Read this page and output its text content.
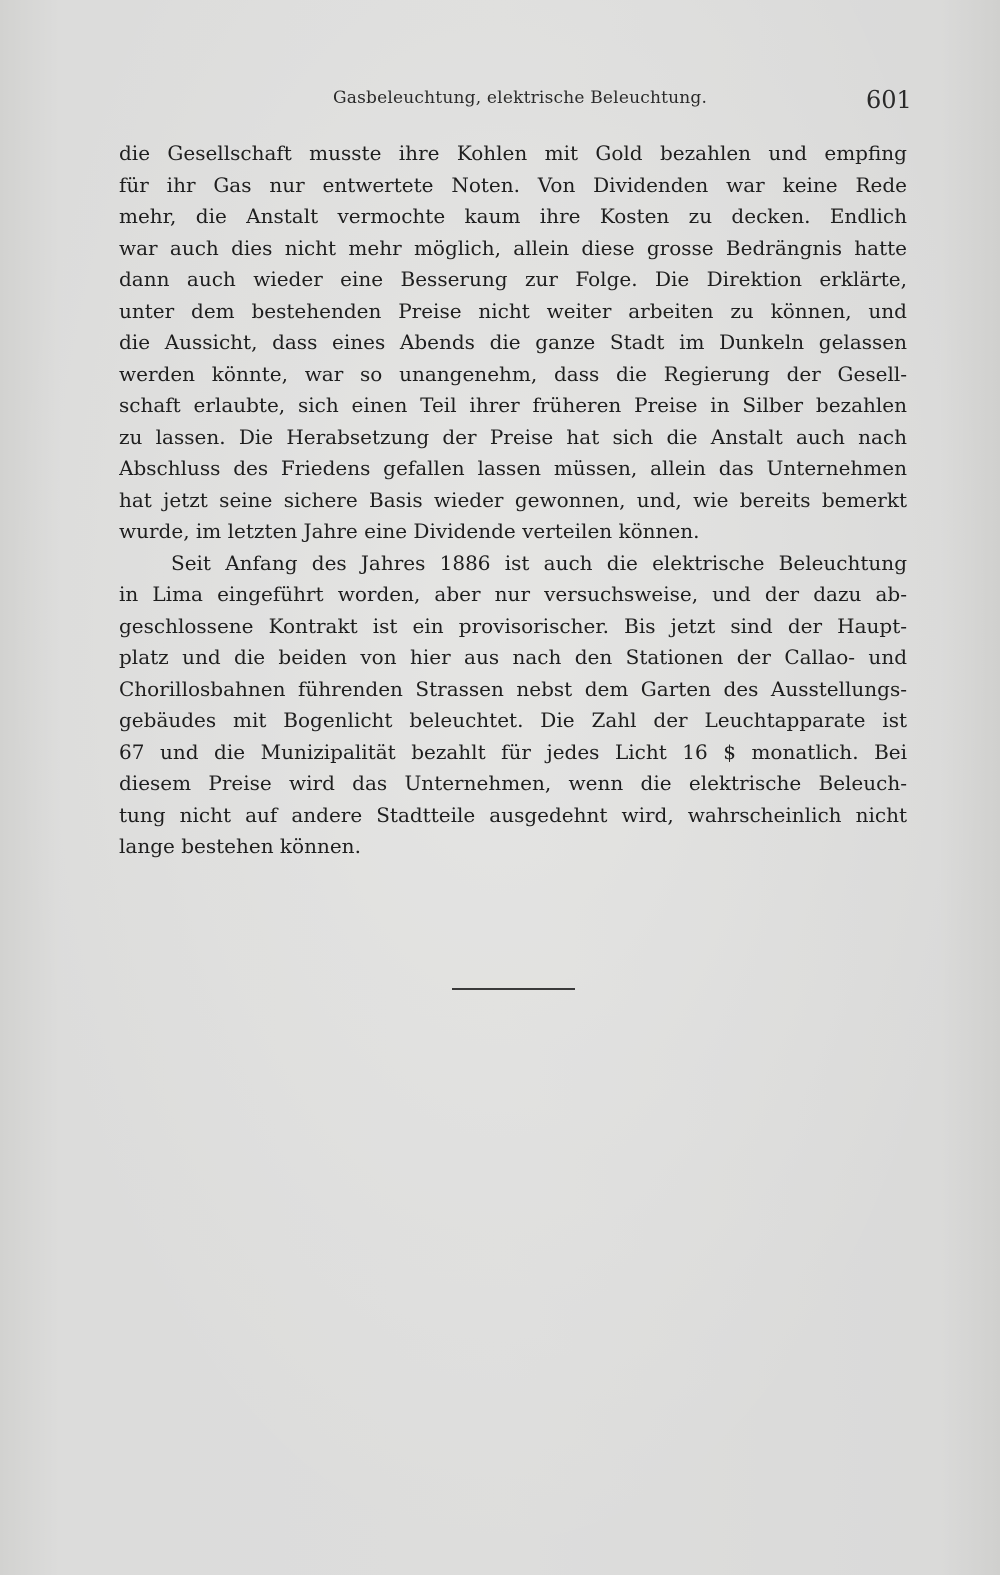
Gasbeleuchtung, elektrische Beleuchtung.	601
die Gesellschaft musste ihre Kohlen mit Gold bezahlen und empfing
für ihr Gas nur entwertete Noten. Von Dividenden war keine Rede
mehr, die Anstalt vermochte kaum ihre Kosten zu decken. Endlich
war auch dies nicht mehr möglich, allein diese grosse Bedrängnis hatte
dann auch wieder eine Besserung zur Folge. Die Direktion erklärte,
unter dem bestehenden Preise nicht weiter arbeiten zu können, und
die Aussicht, dass eines Abends die ganze Stadt im Dunkeln gelassen
werden könnte, war so unangenehm, dass die Regierung der Gesell-
schaft erlaubte, sich einen Teil ihrer früheren Preise in Silber bezahlen
zu lassen. Die Herabsetzung der Preise hat sich die Anstalt auch nach
Abschluss des Friedens gefallen lassen müssen, allein das Unternehmen
hat jetzt seine sichere Basis wieder gewonnen, und, wie bereits bemerkt
wurde, im letzten Jahre eine Dividende verteilen können.
Seit Anfang des Jahres 1886 ist auch die elektrische Beleuchtung
in Lima eingeführt worden, aber nur versuchsweise, und der dazu ab-
geschlossene Kontrakt ist ein provisorischer. Bis jetzt sind der Haupt-
platz und die beiden von hier aus nach den Stationen der Callao- und
Chorillosbahnen führenden Strassen nebst dem Garten des Ausstellungs-
gebäudes mit Bogenlicht beleuchtet. Die Zahl der Leuchtapparate ist
67 und die Munizipalität bezahlt für jedes Licht 16 $ monatlich. Bei
diesem Preise wird das Unternehmen, wenn die elektrische Beleuch-
tung nicht auf andere Stadtteile ausgedehnt wird, wahrscheinlich nicht
lange bestehen können.
